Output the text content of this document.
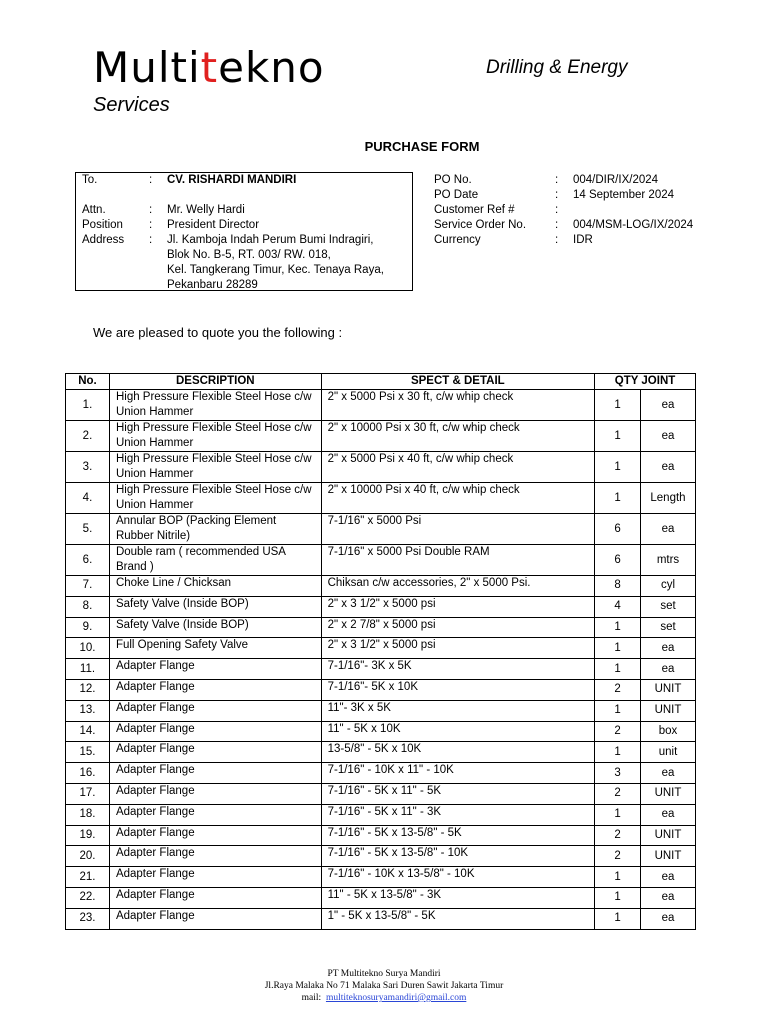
Multitekno
Services
Drilling & Energy
PURCHASE FORM
To.	: CV. RISHARDI MANDIRI
Attn.	: Mr. Welly Hardi
Position : President Director
Address : Jl. Kamboja Indah Perum Bumi Indragiri,
Blok No. B-5, RT. 003/ RW. 018,
Kel. Tangkerang Timur, Kec. Tenaya Raya,
Pekanbaru 28289
PO No.	: 004/DIR/IX/2024
PO Date	: 14 September 2024
Customer Ref #	:
Service Order No.	: 004/MSM-LOG/IX/2024
Currency	: IDR
We are pleased to quote you the following :
No.	DESCRIPTION	SPECT & DETAIL	QTY JOINT	
1.	High Pressure Flexible Steel Hose c/w Union Hammer	2" x 5000 Psi x 30 ft, c/w whip check	1	ea
2.	High Pressure Flexible Steel Hose c/w Union Hammer	2" x 10000 Psi x 30 ft, c/w whip check	1	ea
3.	High Pressure Flexible Steel Hose c/w Union Hammer	2" x 5000 Psi x 40 ft, c/w whip check	1	ea
4.	High Pressure Flexible Steel Hose c/w Union Hammer	2" x 10000 Psi x 40 ft, c/w whip check	1	Length
5.	Annular BOP (Packing Element Rubber Nitrile)	7-1/16" x 5000 Psi	6	ea
6.	Double ram ( recommended USA Brand )	7-1/16" x 5000 Psi Double RAM	6	mtrs
7.	Choke Line / Chicksan	Chiksan c/w accessories, 2" x 5000 Psi.	8	cyl
8.	Safety Valve (Inside BOP)	2" x 3 1/2" x 5000 psi	4	set
9.	Safety Valve (Inside BOP)	2" x 2 7/8" x 5000 psi	1	set
10.	Full Opening Safety Valve	2" x 3 1/2" x 5000 psi	1	ea
11.	Adapter Flange	7-1/16"- 3K x 5K	1	ea
12.	Adapter Flange	7-1/16"- 5K x 10K	2	UNIT
13.	Adapter Flange	11"- 3K x 5K	1	UNIT
14.	Adapter Flange	11" - 5K x 10K	2	box
15.	Adapter Flange	13-5/8" - 5K x 10K	1	unit
16.	Adapter Flange	7-1/16" - 10K x 11" - 10K	3	ea
17.	Adapter Flange	7-1/16" - 5K x 11" - 5K	2	UNIT
18.	Adapter Flange	7-1/16" - 5K x 11" - 3K	1	ea
19.	Adapter Flange	7-1/16" - 5K x 13-5/8" - 5K	2	UNIT
20.	Adapter Flange	7-1/16" - 5K x 13-5/8" - 10K	2	UNIT
21.	Adapter Flange	7-1/16" - 10K x 13-5/8" - 10K	1	ea
22.	Adapter Flange	11" - 5K x 13-5/8" - 3K	1	ea
23.	Adapter Flange	1" - 5K x 13-5/8" - 5K	1	ea
PT Multitekno Surya Mandiri
Jl.Raya Malaka No 71 Malaka Sari Duren Sawit Jakarta Timur
mail: multiteknosuryamandiri@gmail.com
